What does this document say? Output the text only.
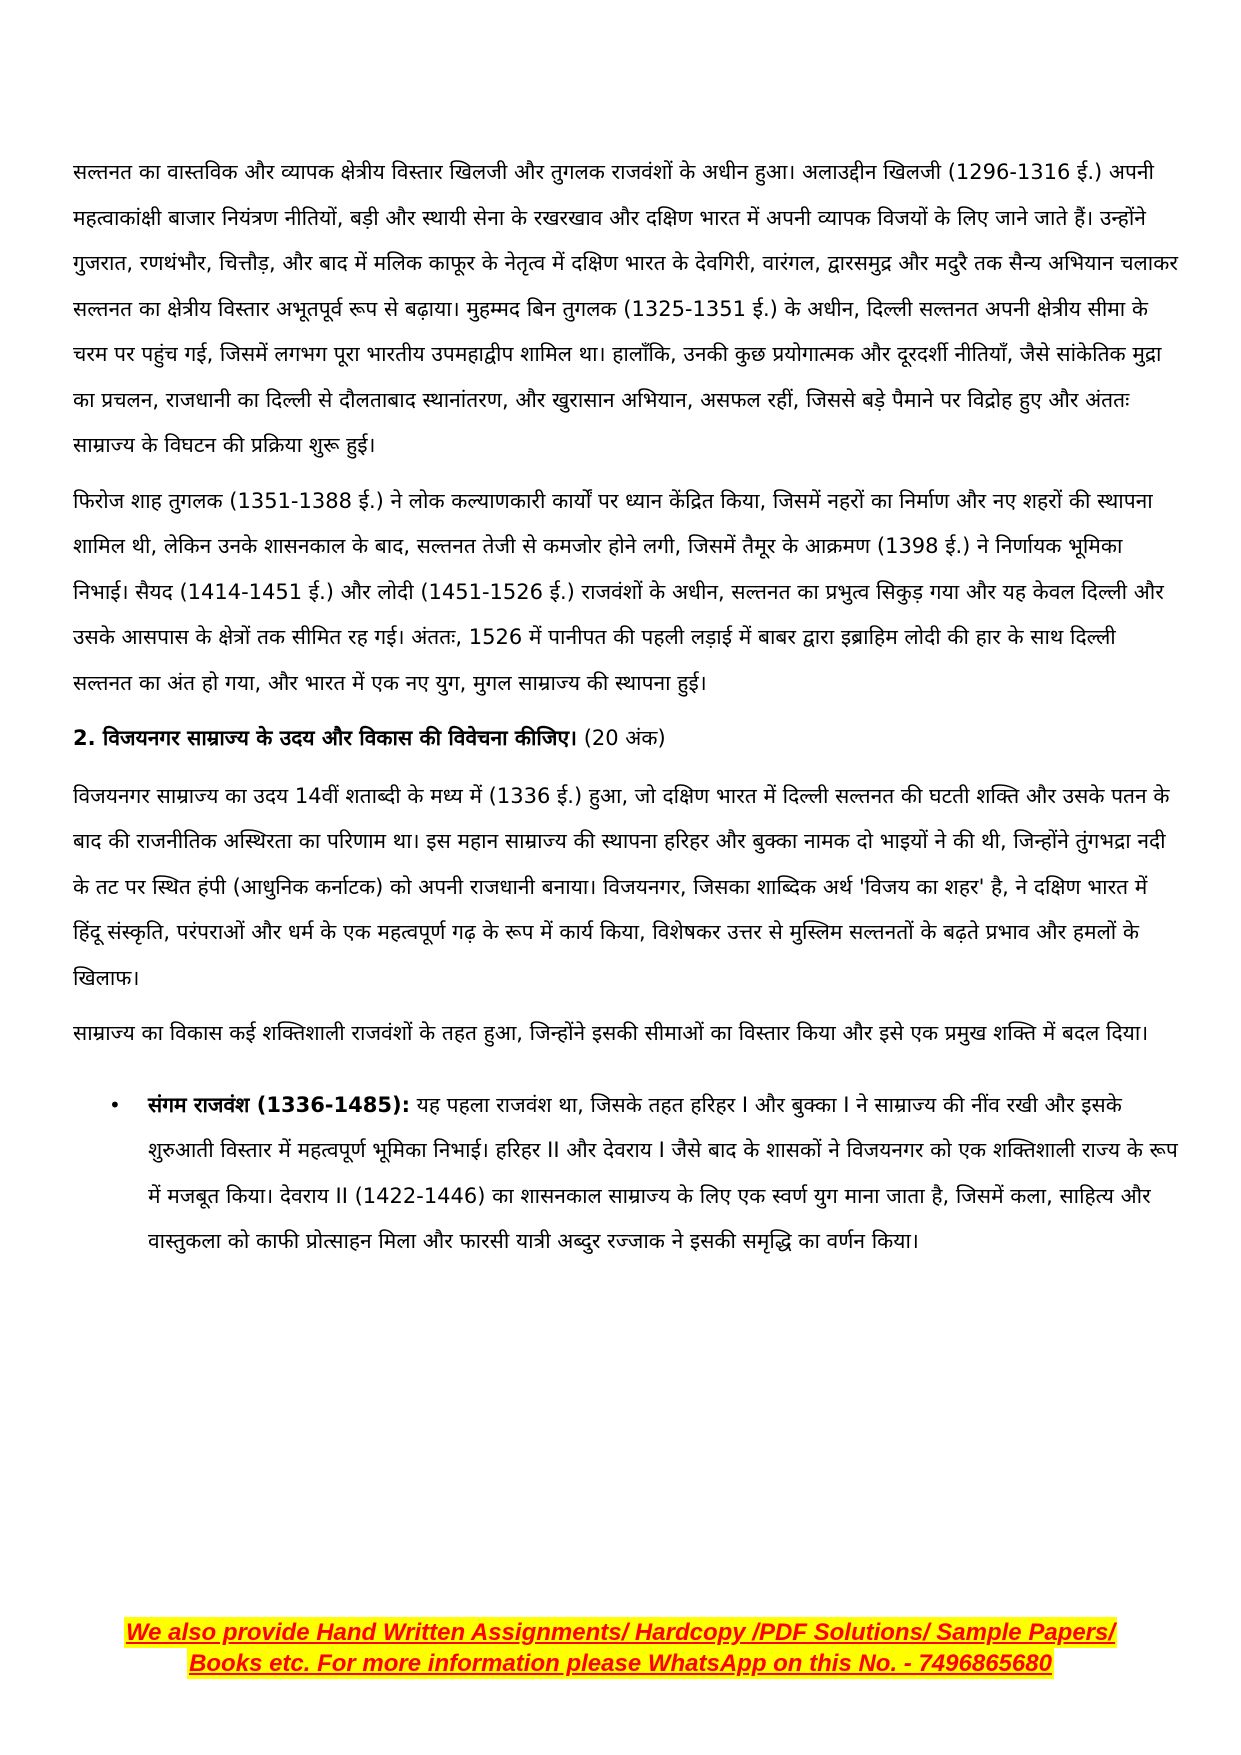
सल्तनत का वास्तविक और व्यापक क्षेत्रीय विस्तार खिलजी और तुगलक राजवंशों के अधीन हुआ। अलाउद्दीन खिलजी (1296-1316 ई.) अपनी महत्वाकांक्षी बाजार नियंत्रण नीतियों, बड़ी और स्थायी सेना के रखरखाव और दक्षिण भारत में अपनी व्यापक विजयों के लिए जाने जाते हैं। उन्होंने गुजरात, रणथंभौर, चित्तौड़, और बाद में मलिक काफूर के नेतृत्व में दक्षिण भारत के देवगिरी, वारंगल, द्वारसमुद्र और मदुरै तक सैन्य अभियान चलाकर सल्तनत का क्षेत्रीय विस्तार अभूतपूर्व रूप से बढ़ाया। मुहम्मद बिन तुगलक (1325-1351 ई.) के अधीन, दिल्ली सल्तनत अपनी क्षेत्रीय सीमा के चरम पर पहुंच गई, जिसमें लगभग पूरा भारतीय उपमहाद्वीप शामिल था। हालाँकि, उनकी कुछ प्रयोगात्मक और दूरदर्शी नीतियाँ, जैसे सांकेतिक मुद्रा का प्रचलन, राजधानी का दिल्ली से दौलताबाद स्थानांतरण, और खुरासान अभियान, असफल रहीं, जिससे बड़े पैमाने पर विद्रोह हुए और अंततः साम्राज्य के विघटन की प्रक्रिया शुरू हुई।

फिरोज शाह तुगलक (1351-1388 ई.) ने लोक कल्याणकारी कार्यों पर ध्यान केंद्रित किया, जिसमें नहरों का निर्माण और नए शहरों की स्थापना शामिल थी, लेकिन उनके शासनकाल के बाद, सल्तनत तेजी से कमजोर होने लगी, जिसमें तैमूर के आक्रमण (1398 ई.) ने निर्णायक भूमिका निभाई। सैयद (1414-1451 ई.) और लोदी (1451-1526 ई.) राजवंशों के अधीन, सल्तनत का प्रभुत्व सिकुड़ गया और यह केवल दिल्ली और उसके आसपास के क्षेत्रों तक सीमित रह गई। अंततः, 1526 में पानीपत की पहली लड़ाई में बाबर द्वारा इब्राहिम लोदी की हार के साथ दिल्ली सल्तनत का अंत हो गया, और भारत में एक नए युग, मुगल साम्राज्य की स्थापना हुई।

2. विजयनगर साम्राज्य के उदय और विकास की विवेचना कीजिए। (20 अंक)

विजयनगर साम्राज्य का उदय 14वीं शताब्दी के मध्य में (1336 ई.) हुआ, जो दक्षिण भारत में दिल्ली सल्तनत की घटती शक्ति और उसके पतन के बाद की राजनीतिक अस्थिरता का परिणाम था। इस महान साम्राज्य की स्थापना हरिहर और बुक्का नामक दो भाइयों ने की थी, जिन्होंने तुंगभद्रा नदी के तट पर स्थित हंपी (आधुनिक कर्नाटक) को अपनी राजधानी बनाया। विजयनगर, जिसका शाब्दिक अर्थ 'विजय का शहर' है, ने दक्षिण भारत में हिंदू संस्कृति, परंपराओं और धर्म के एक महत्वपूर्ण गढ़ के रूप में कार्य किया, विशेषकर उत्तर से मुस्लिम सल्तनतों के बढ़ते प्रभाव और हमलों के खिलाफ।

साम्राज्य का विकास कई शक्तिशाली राजवंशों के तहत हुआ, जिन्होंने इसकी सीमाओं का विस्तार किया और इसे एक प्रमुख शक्ति में बदल दिया।

• संगम राजवंश (1336-1485): यह पहला राजवंश था, जिसके तहत हरिहर I और बुक्का I ने साम्राज्य की नींव रखी और इसके शुरुआती विस्तार में महत्वपूर्ण भूमिका निभाई। हरिहर II और देवराय I जैसे बाद के शासकों ने विजयनगर को एक शक्तिशाली राज्य के रूप में मजबूत किया। देवराय II (1422-1446) का शासनकाल साम्राज्य के लिए एक स्वर्ण युग माना जाता है, जिसमें कला, साहित्य और वास्तुकला को काफी प्रोत्साहन मिला और फारसी यात्री अब्दुर रज्जाक ने इसकी समृद्धि का वर्णन किया।
We also provide Hand Written Assignments/ Hardcopy /PDF Solutions/ Sample Papers/
Books etc. For more information please WhatsApp on this No. - 7496865680
